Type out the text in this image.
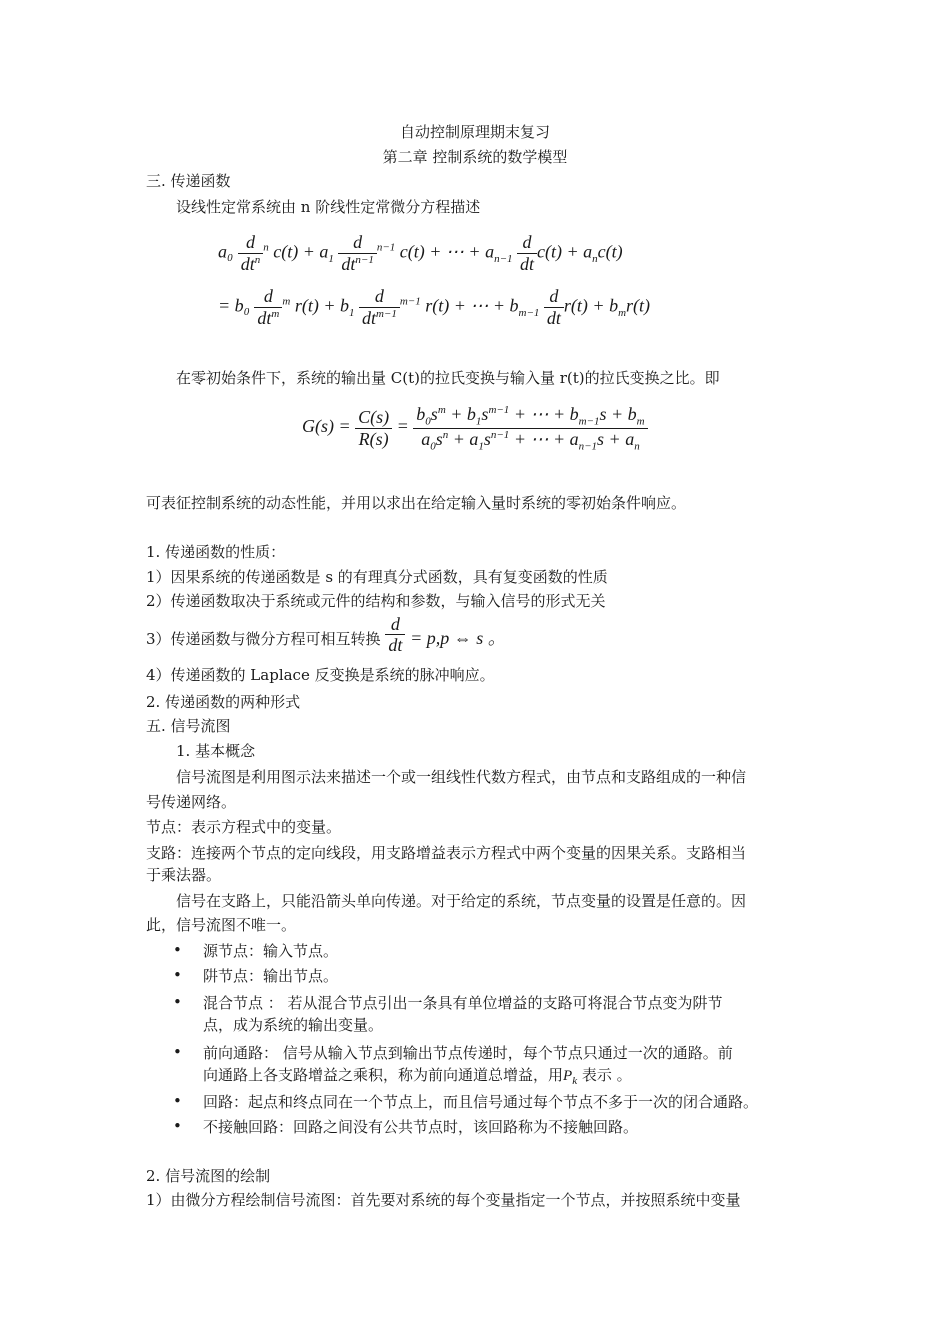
自动控制原理期末复习
第二章 控制系统的数学模型
三. 传递函数
设线性定常系统由 n 阶线性定常微分方程描述
$a_0 \frac{d}{dt^n} ^n$ $c(t) + a_1 \frac{d}{dt^{n-1}} ^{n-1}$ c(t) + ⋯ + $a_{n-1} \frac{d}{dt} c(t) + a_nc(t)$
= $b_0 \frac{d}{dt^m} ^m$ $r(t) + b_1 \frac{d}{dt^{m-1}} ^{m-1}$ r(t) + ⋯ + $b_{m-1} \frac{d}{dt} r(t) + b_mr(t)$
在零初始条件下，系统的输出量 C(t)的拉氏变换与输入量 r(t)的拉氏变换之比。即
$G(s) = \frac{C(s)}{R(s)} = \frac{b_0s^m + b_1s^{m-1} + \cdots + b_{m-1}s + b_m}{a_0s^n + a_1s^{n-1} + \cdots + a_{n-1}s + a_n}$
可表征控制系统的动态性能，并用以求出在给定输入量时系统的零初始条件响应。
1. 传递函数的性质：
1）因果系统的传递函数是 s 的有理真分式函数，具有复变函数的性质
2）传递函数取决于系统或元件的结构和参数，与输入信号的形式无关
3）传递函数与微分方程可相互转换 $\frac{d}{dt} = p,p$ ⇔ s 。
4）传递函数的 Laplace 反变换是系统的脉冲响应。
2. 传递函数的两种形式
五. 信号流图
1. 基本概念
信号流图是利用图示法来描述一个或一组线性代数方程式，由节点和支路组成的一种信
号传递网络。
节点：表示方程式中的变量。
支路：连接两个节点的定向线段，用支路增益表示方程式中两个变量的因果关系。支路相当
于乘法器。
信号在支路上，只能沿箭头单向传递。对于给定的系统，节点变量的设置是任意的。因
此，信号流图不唯一。
• 源节点：输入节点。
• 阱节点：输出节点。
• 混合节点 ： 若从混合节点引出一条具有单位增益的支路可将混合节点变为阱节
点，成为系统的输出变量。
• 前向通路： 信号从输入节点到输出节点传递时，每个节点只通过一次的通路。前
向通路上各支路增益之乘积，称为前向通道总增益，用$P_k$ 表示 。
• 回路：起点和终点同在一个节点上，而且信号通过每个节点不多于一次的闭合通路。
• 不接触回路：回路之间没有公共节点时，该回路称为不接触回路。
2. 信号流图的绘制
1）由微分方程绘制信号流图：首先要对系统的每个变量指定一个节点，并按照系统中变量
